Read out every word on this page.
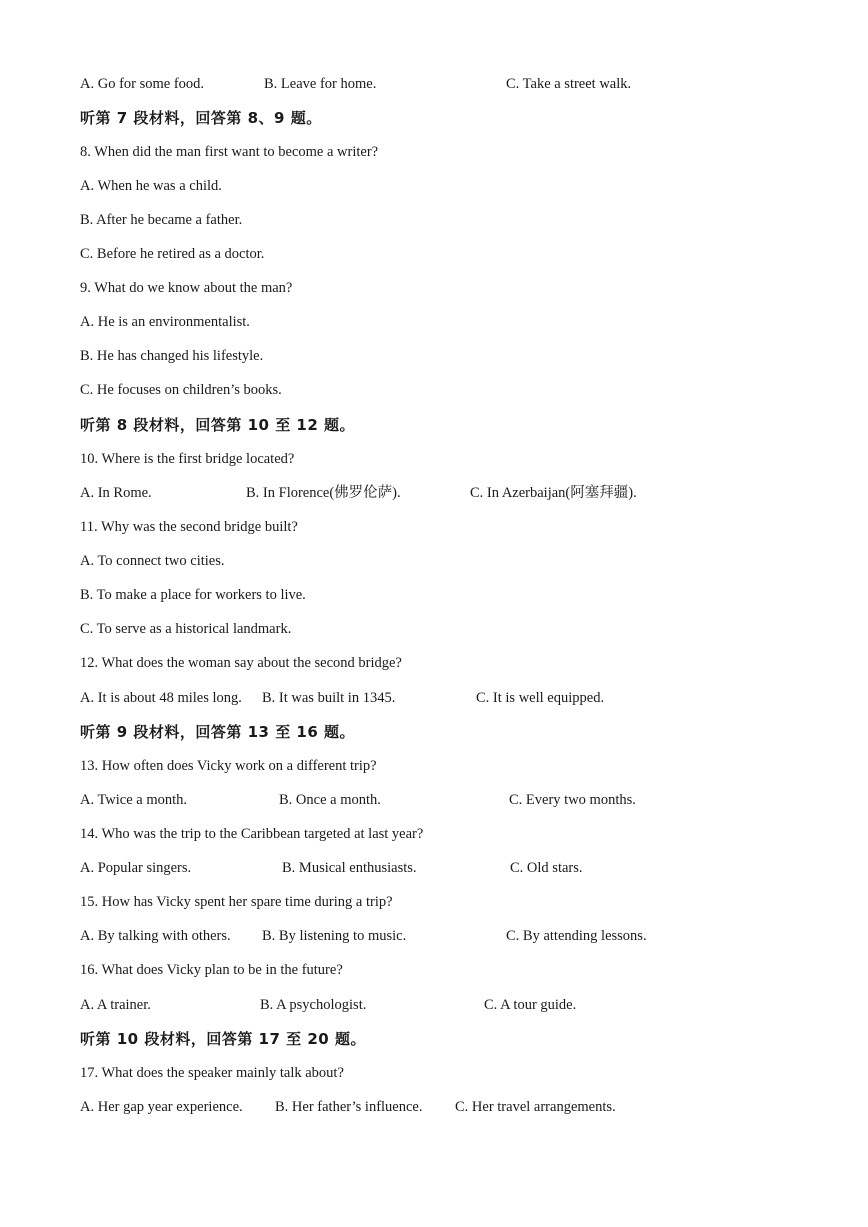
A. Go for some food.	B. Leave for home.	C. Take a street walk.
听第 7 段材料，回答第 8、9 题。
8. When did the man first want to become a writer?
A. When he was a child.
B. After he became a father.
C. Before he retired as a doctor.
9. What do we know about the man?
A. He is an environmentalist.
B. He has changed his lifestyle.
C. He focuses on children’s books.
听第 8 段材料，回答第 10 至 12 题。
10. Where is the first bridge located?
A. In Rome.	B. In Florence(佛罗伦萨).	C. In Azerbaijan(阿塞拜疆).
11. Why was the second bridge built?
A. To connect two cities.
B. To make a place for workers to live.
C. To serve as a historical landmark.
12. What does the woman say about the second bridge?
A. It is about 48 miles long. B. It was built in 1345.	C. It is well equipped.
听第 9 段材料，回答第 13 至 16 题。
13. How often does Vicky work on a different trip?
A. Twice a month.	B. Once a month.	C. Every two months.
14. Who was the trip to the Caribbean targeted at last year?
A. Popular singers.	B. Musical enthusiasts.	C. Old stars.
15. How has Vicky spent her spare time during a trip?
A. By talking with others. B. By listening to music.	C. By attending lessons.
16. What does Vicky plan to be in the future?
A. A trainer.	B. A psychologist.	C. A tour guide.
听第 10 段材料，回答第 17 至 20 题。
17. What does the speaker mainly talk about?
A. Her gap year experience. B. Her father’s influence. C. Her travel arrangements.
